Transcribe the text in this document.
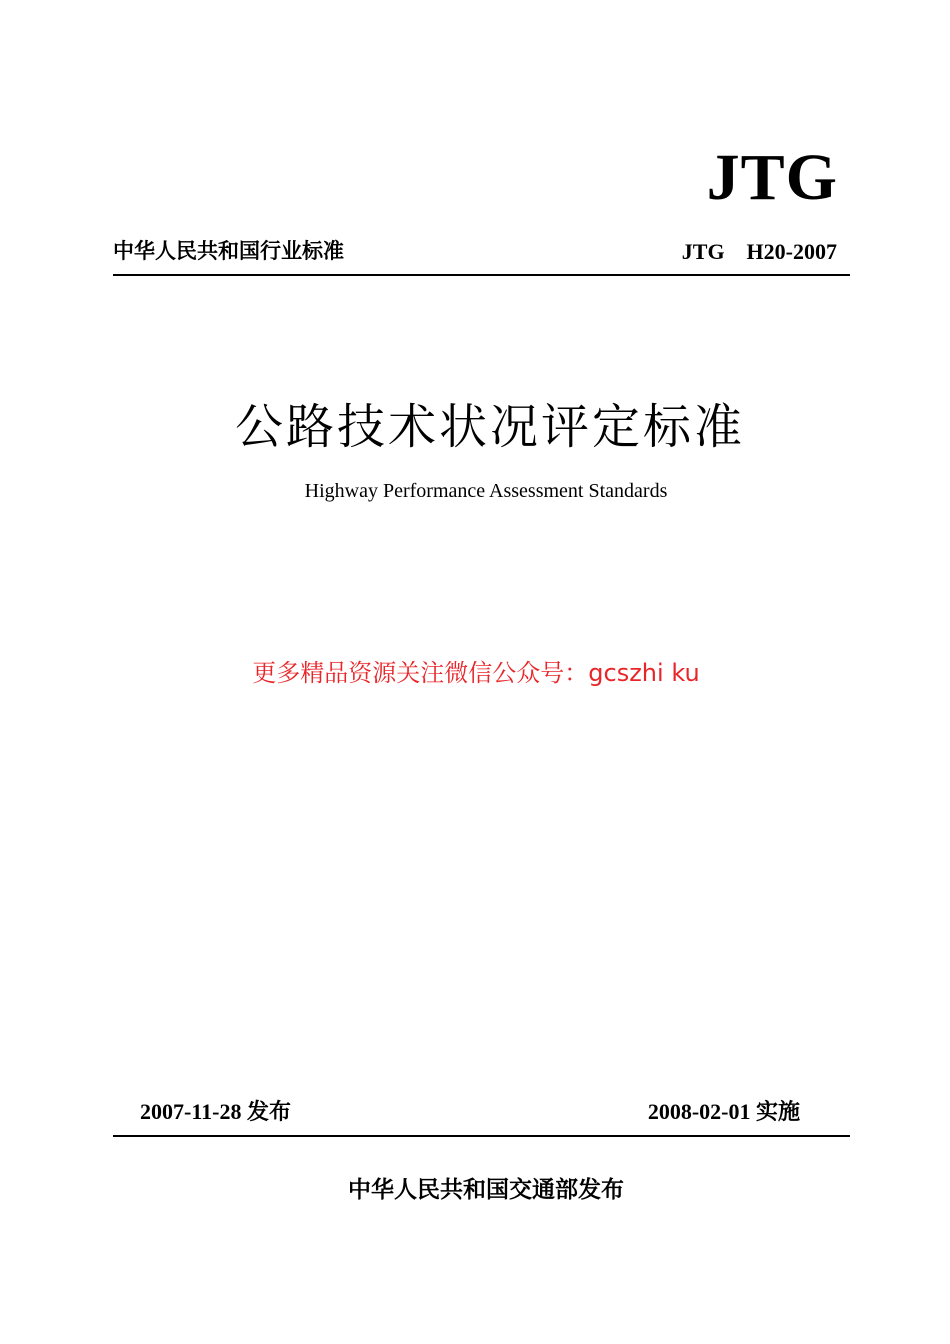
JTG
中华人民共和国行业标准	JTG    H20-2007
公路技术状况评定标准
Highway Performance Assessment Standards
更多精品资源关注微信公众号：gcszhi ku
2007-11-28 发布	2008-02-01 实施
中华人民共和国交通部发布
